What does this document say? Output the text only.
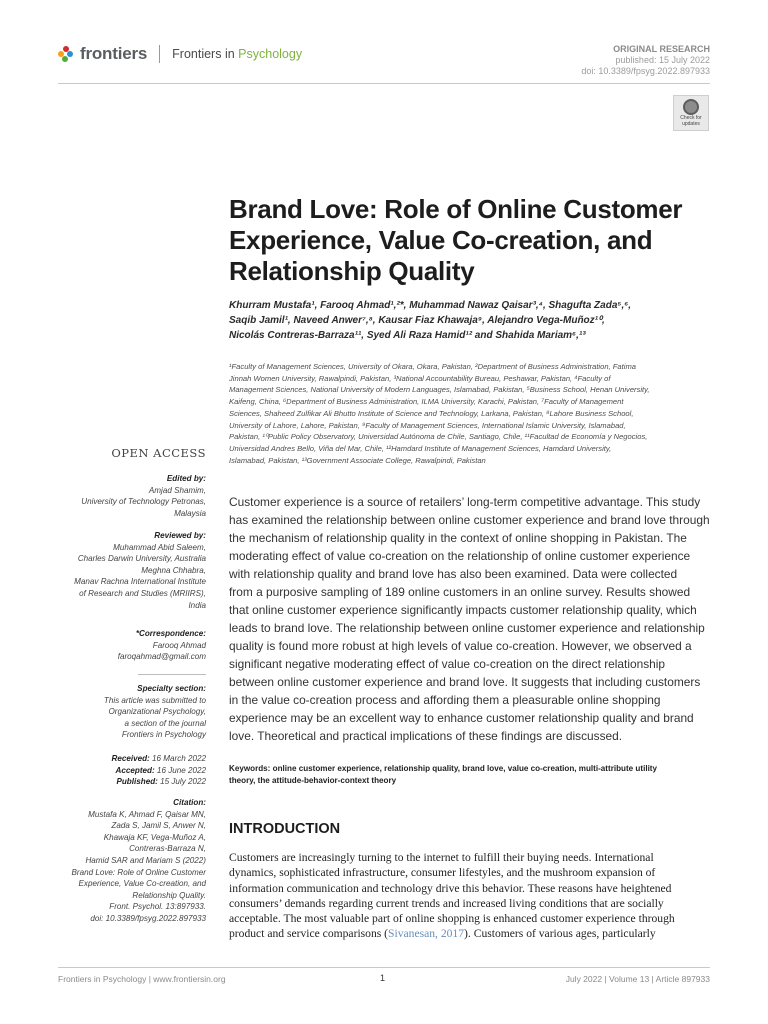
frontiers Frontiers in Psychology	ORIGINAL RESEARCH
published: 15 July 2022
doi: 10.3389/fpsyg.2022.897933
Check for
updates
Brand Love: Role of Online Customer Experience, Value Co-creation, and Relationship Quality
Khurram Mustafa¹, Farooq Ahmad¹,²*, Muhammad Nawaz Qaisar³,⁴, Shagufta Zada⁵,⁶,
Saqib Jamil¹, Naveed Anwer⁷,⁸, Kausar Fiaz Khawaja⁹, Alejandro Vega-Muñoz¹⁰,
Nicolás Contreras-Barraza¹¹, Syed Ali Raza Hamid¹² and Shahida Mariam⁶,¹³
¹Faculty of Management Sciences, University of Okara, Okara, Pakistan, ²Department of Business Administration, Fatima
Jinnah Women University, Rawalpindi, Pakistan, ³National Accountability Bureau, Peshawar, Pakistan, ⁴Faculty of
Management Sciences, National University of Modern Languages, Islamabad, Pakistan, ⁵Business School, Henan University,
Kaifeng, China, ⁶Department of Business Administration, ILMA University, Karachi, Pakistan, ⁷Faculty of Management
Sciences, Shaheed Zulfikar Ali Bhutto Institute of Science and Technology, Larkana, Pakistan, ⁸Lahore Business School,
University of Lahore, Lahore, Pakistan, ⁹Faculty of Management Sciences, International Islamic University, Islamabad,
Pakistan, ¹⁰Public Policy Observatory, Universidad Autónoma de Chile, Santiago, Chile, ¹¹Facultad de Economía y Negocios,
Universidad Andres Bello, Viña del Mar, Chile, ¹²Hamdard Institute of Management Sciences, Hamdard University,
Islamabad, Pakistan, ¹³Government Associate College, Rawalpindi, Pakistan
OPEN ACCESS
Edited by:
Amjad Shamim,
University of Technology Petronas,
Malaysia
Reviewed by:
Muhammad Abid Saleem,
Charles Darwin University, Australia
Meghna Chhabra,
Manav Rachna International Institute
of Research and Studies (MRIIRS),
India
*Correspondence:
Farooq Ahmad
faroqahmad@gmail.com
Specialty section:
This article was submitted to
Organizational Psychology,
a section of the journal
Frontiers in Psychology
Received: 16 March 2022
Accepted: 16 June 2022
Published: 15 July 2022
Citation:
Mustafa K, Ahmad F, Qaisar MN,
Zada S, Jamil S, Anwer N,
Khawaja KF, Vega-Muñoz A,
Contreras-Barraza N,
Hamid SAR and Mariam S (2022)
Brand Love: Role of Online Customer
Experience, Value Co-creation, and
Relationship Quality.
Front. Psychol. 13:897933.
doi: 10.3389/fpsyg.2022.897933
Customer experience is a source of retailers’ long-term competitive advantage. This study
has examined the relationship between online customer experience and brand love through
the mechanism of relationship quality in the context of online shopping in Pakistan. The
moderating effect of value co-creation on the relationship of online customer experience
with relationship quality and brand love has also been examined. Data were collected
from a purposive sampling of 189 online customers in an online survey. Results showed
that online customer experience significantly impacts customer relationship quality, which
leads to brand love. The relationship between online customer experience and relationship
quality is found more robust at high levels of value co-creation. However, we observed a
significant negative moderating effect of value co-creation on the direct relationship
between online customer experience and brand love. It suggests that including customers
in the value co-creation process and affording them a pleasurable online shopping
experience may be an excellent way to enhance customer relationship quality and brand
love. Theoretical and practical implications of these findings are discussed.
Keywords: online customer experience, relationship quality, brand love, value co-creation, multi-attribute utility
theory, the attitude-behavior-context theory
INTRODUCTION
Customers are increasingly turning to the internet to fulfill their buying needs. International
dynamics, sophisticated infrastructure, consumer lifestyles, and the mushroom expansion of
information communication and technology drive this behavior. These reasons have heightened
consumers’ demands regarding current trends and increased living conditions that are socially
acceptable. The most valuable part of online shopping is enhanced customer experience through
product and service comparisons (Sivanesan, 2017). Customers of various ages, particularly
Frontiers in Psychology | www.frontiersin.org	1	July 2022 | Volume 13 | Article 897933
